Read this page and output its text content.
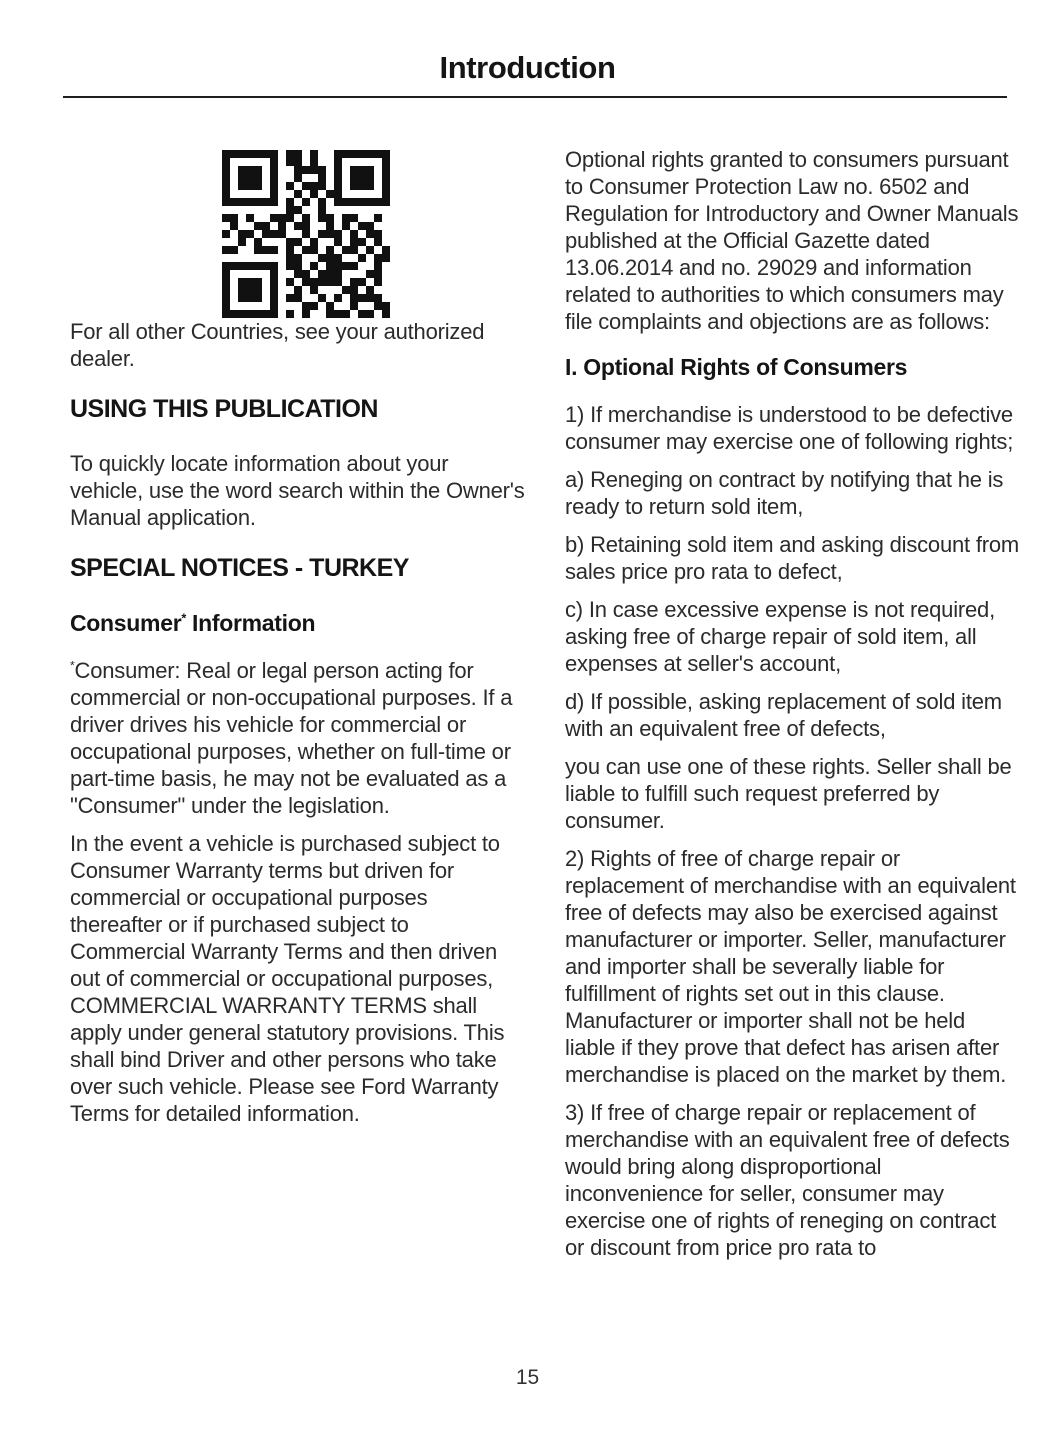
Introduction

For all other Countries, see your authorized dealer.

USING THIS PUBLICATION

To quickly locate information about your vehicle, use the word search within the Owner's Manual application.

SPECIAL NOTICES - TURKEY
Consumer* Information

*Consumer: Real or legal person acting for commercial or non-occupational purposes. If a driver drives his vehicle for commercial or occupational purposes, whether on full-time or part-time basis, he may not be evaluated as a "Consumer" under the legislation.

In the event a vehicle is purchased subject to Consumer Warranty terms but driven for commercial or occupational purposes thereafter or if purchased subject to Commercial Warranty Terms and then driven out of commercial or occupational purposes, COMMERCIAL WARRANTY TERMS shall apply under general statutory provisions. This shall bind Driver and other persons who take over such vehicle. Please see Ford Warranty Terms for detailed information.

Optional rights granted to consumers pursuant to Consumer Protection Law no. 6502 and Regulation for Introductory and Owner Manuals published at the Official Gazette dated 13.06.2014 and no. 29029 and information related to authorities to which consumers may file complaints and objections are as follows:

I. Optional Rights of Consumers

1) If merchandise is understood to be defective consumer may exercise one of following rights;

a) Reneging on contract by notifying that he is ready to return sold item,

b) Retaining sold item and asking discount from sales price pro rata to defect,

c) In case excessive expense is not required, asking free of charge repair of sold item, all expenses at seller's account,

d) If possible, asking replacement of sold item with an equivalent free of defects,

you can use one of these rights. Seller shall be liable to fulfill such request preferred by consumer.

2) Rights of free of charge repair or replacement of merchandise with an equivalent free of defects may also be exercised against manufacturer or importer. Seller, manufacturer and importer shall be severally liable for fulfillment of rights set out in this clause. Manufacturer or importer shall not be held liable if they prove that defect has arisen after merchandise is placed on the market by them.

3) If free of charge repair or replacement of merchandise with an equivalent free of defects would bring along disproportional inconvenience for seller, consumer may exercise one of rights of reneging on contract or discount from price pro rata to

15
